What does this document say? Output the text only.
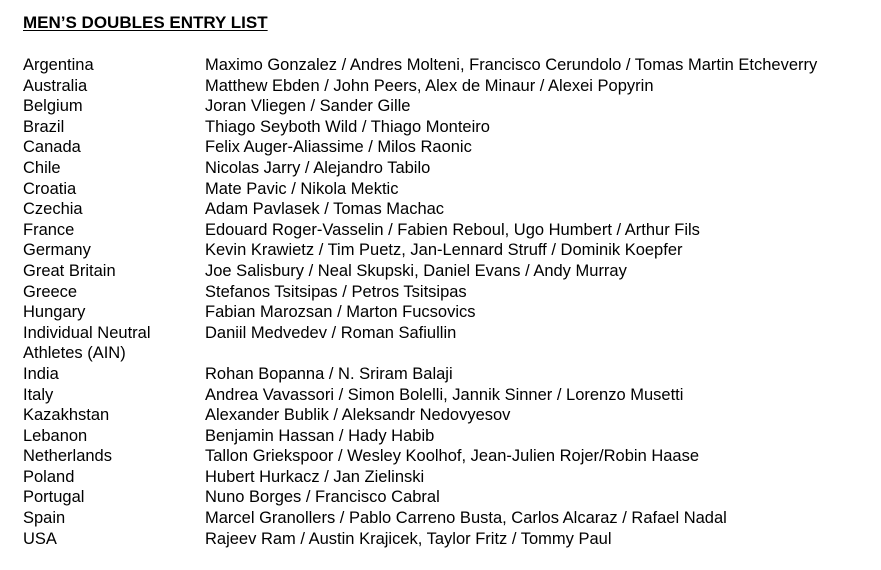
MEN’S DOUBLES ENTRY LIST
Argentina	Maximo Gonzalez / Andres Molteni, Francisco Cerundolo / Tomas Martin Etcheverry
Australia	Matthew Ebden / John Peers, Alex de Minaur / Alexei Popyrin
Belgium	Joran Vliegen / Sander Gille
Brazil	Thiago Seyboth Wild / Thiago Monteiro
Canada	Felix Auger-Aliassime / Milos Raonic
Chile	Nicolas Jarry / Alejandro Tabilo
Croatia	Mate Pavic / Nikola Mektic
Czechia	Adam Pavlasek / Tomas Machac
France	Edouard Roger-Vasselin / Fabien Reboul, Ugo Humbert / Arthur Fils
Germany	Kevin Krawietz / Tim Puetz, Jan-Lennard Struff / Dominik Koepfer
Great Britain	Joe Salisbury / Neal Skupski, Daniel Evans / Andy Murray
Greece	Stefanos Tsitsipas / Petros Tsitsipas
Hungary	Fabian Marozsan / Marton Fucsovics
Individual Neutral	Daniil Medvedev / Roman Safiullin
Athletes (AIN)
India	Rohan Bopanna / N. Sriram Balaji
Italy	Andrea Vavassori / Simon Bolelli, Jannik Sinner / Lorenzo Musetti
Kazakhstan	Alexander Bublik / Aleksandr Nedovyesov
Lebanon	Benjamin Hassan / Hady Habib
Netherlands	Tallon Griekspoor / Wesley Koolhof, Jean-Julien Rojer/Robin Haase
Poland	Hubert Hurkacz / Jan Zielinski
Portugal	Nuno Borges / Francisco Cabral
Spain	Marcel Granollers / Pablo Carreno Busta, Carlos Alcaraz / Rafael Nadal
USA	Rajeev Ram / Austin Krajicek, Taylor Fritz / Tommy Paul
